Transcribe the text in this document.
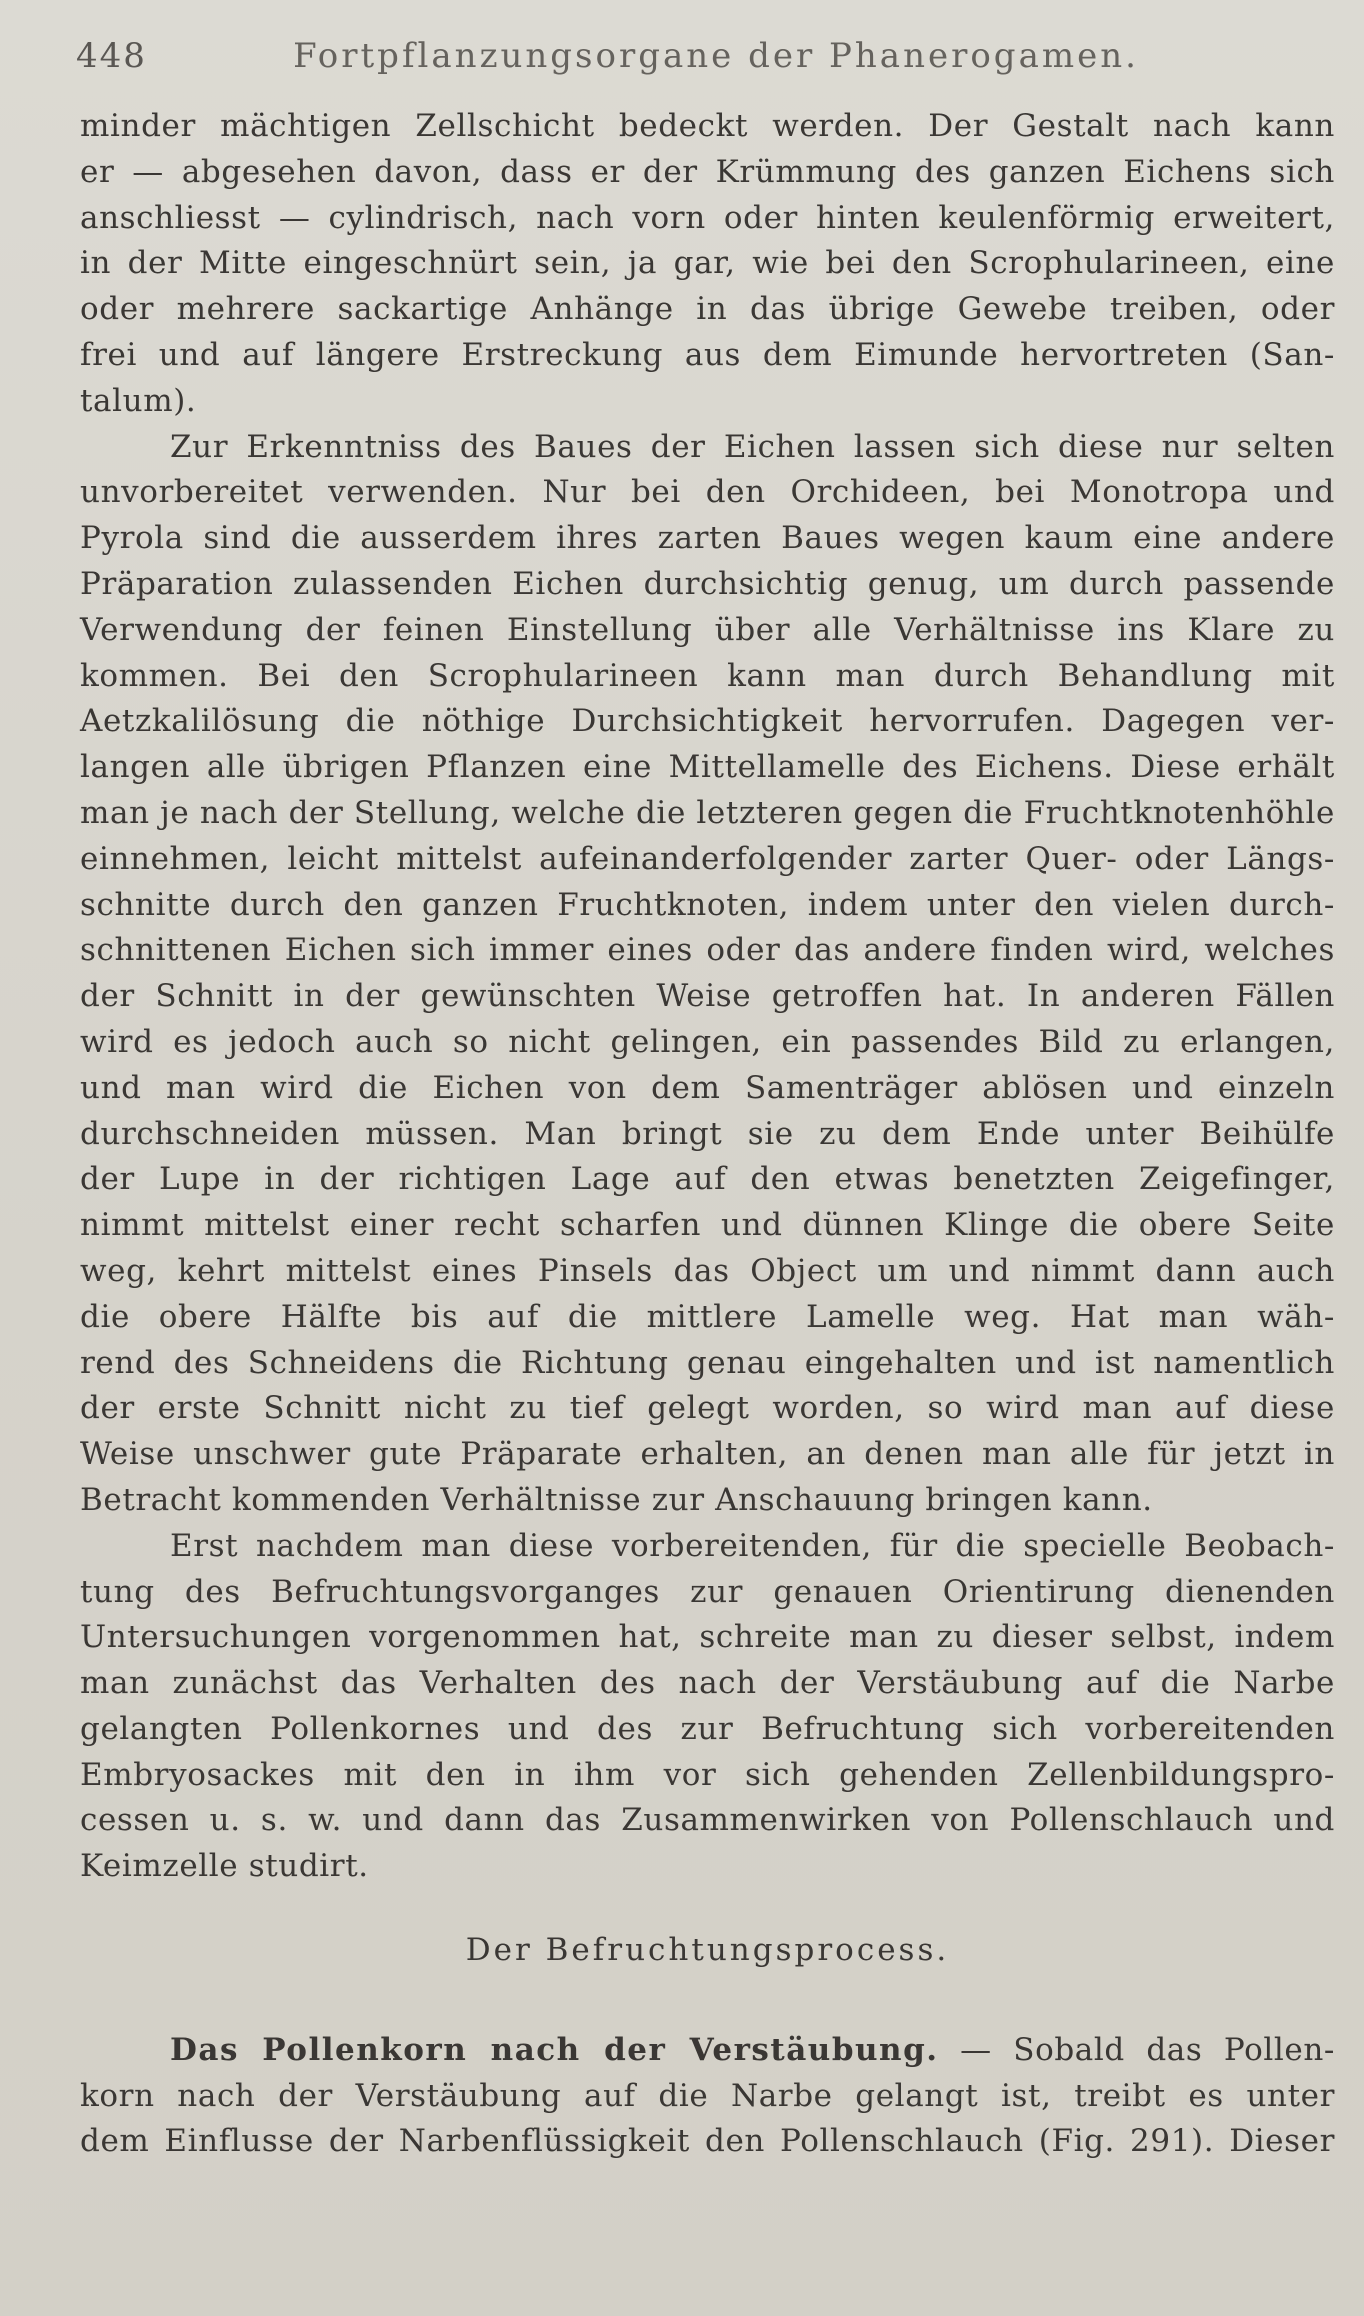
448	Fortpflanzungsorgane der Phanerogamen.
minder mächtigen Zellschicht bedeckt werden. Der Gestalt nach kann
er — abgesehen davon, dass er der Krümmung des ganzen Eichens sich
anschliesst — cylindrisch, nach vorn oder hinten keulenförmig erweitert,
in der Mitte eingeschnürt sein, ja gar, wie bei den Scrophularineen, eine
oder mehrere sackartige Anhänge in das übrige Gewebe treiben, oder
frei und auf längere Erstreckung aus dem Eimunde hervortreten (San-
talum).
Zur Erkenntniss des Baues der Eichen lassen sich diese nur selten
unvorbereitet verwenden. Nur bei den Orchideen, bei Monotropa und
Pyrola sind die ausserdem ihres zarten Baues wegen kaum eine andere
Präparation zulassenden Eichen durchsichtig genug, um durch passende
Verwendung der feinen Einstellung über alle Verhältnisse ins Klare zu
kommen. Bei den Scrophularineen kann man durch Behandlung mit
Aetzkalilösung die nöthige Durchsichtigkeit hervorrufen. Dagegen ver-
langen alle übrigen Pflanzen eine Mittellamelle des Eichens. Diese erhält
man je nach der Stellung, welche die letzteren gegen die Fruchtknotenhöhle
einnehmen, leicht mittelst aufeinanderfolgender zarter Quer- oder Längs-
schnitte durch den ganzen Fruchtknoten, indem unter den vielen durch-
schnittenen Eichen sich immer eines oder das andere finden wird, welches
der Schnitt in der gewünschten Weise getroffen hat. In anderen Fällen
wird es jedoch auch so nicht gelingen, ein passendes Bild zu erlangen,
und man wird die Eichen von dem Samenträger ablösen und einzeln
durchschneiden müssen. Man bringt sie zu dem Ende unter Beihülfe
der Lupe in der richtigen Lage auf den etwas benetzten Zeigefinger,
nimmt mittelst einer recht scharfen und dünnen Klinge die obere Seite
weg, kehrt mittelst eines Pinsels das Object um und nimmt dann auch
die obere Hälfte bis auf die mittlere Lamelle weg. Hat man wäh-
rend des Schneidens die Richtung genau eingehalten und ist namentlich
der erste Schnitt nicht zu tief gelegt worden, so wird man auf diese
Weise unschwer gute Präparate erhalten, an denen man alle für jetzt in
Betracht kommenden Verhältnisse zur Anschauung bringen kann.
Erst nachdem man diese vorbereitenden, für die specielle Beobach-
tung des Befruchtungsvorganges zur genauen Orientirung dienenden
Untersuchungen vorgenommen hat, schreite man zu dieser selbst, indem
man zunächst das Verhalten des nach der Verstäubung auf die Narbe
gelangten Pollenkornes und des zur Befruchtung sich vorbereitenden
Embryosackes mit den in ihm vor sich gehenden Zellenbildungspro-
cessen u. s. w. und dann das Zusammenwirken von Pollenschlauch und
Keimzelle studirt.
Der Befruchtungsprocess.
Das Pollenkorn nach der Verstäubung. — Sobald das Pollen-
korn nach der Verstäubung auf die Narbe gelangt ist, treibt es unter
dem Einflusse der Narbenflüssigkeit den Pollenschlauch (Fig. 291). Dieser
